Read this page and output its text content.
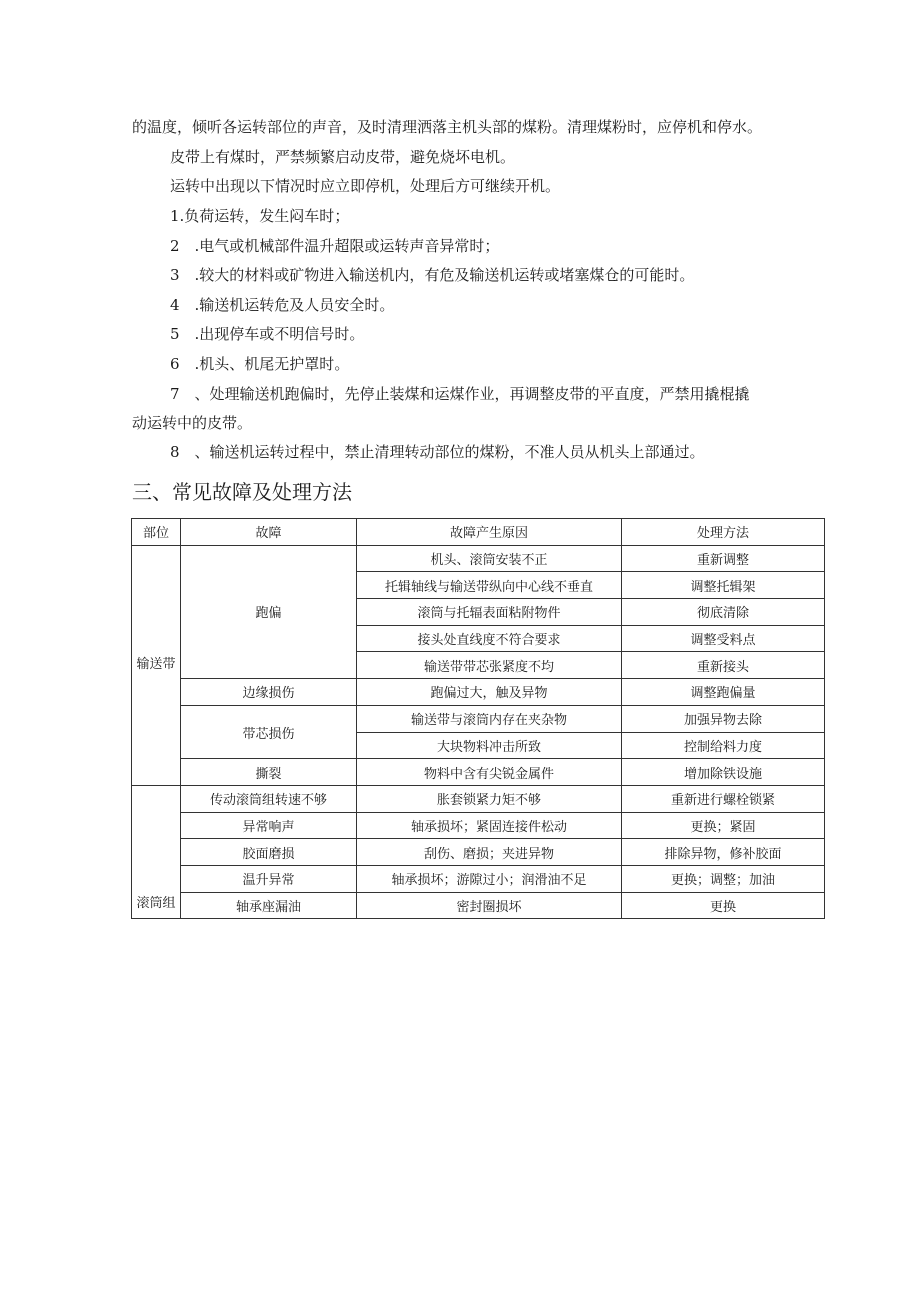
的温度，倾听各运转部位的声音，及时清理洒落主机头部的煤粉。清理煤粉时，应停机和停水。
皮带上有煤时，严禁频繁启动皮带，避免烧坏电机。
运转中出现以下情况时应立即停机，处理后方可继续开机。
1.负荷运转，发生闷车时；
2　.电气或机械部件温升超限或运转声音异常时；
3　.较大的材料或矿物进入输送机内，有危及输送机运转或堵塞煤仓的可能时。
4　.输送机运转危及人员安全时。
5　.出现停车或不明信号时。
6　.机头、机尾无护罩时。
7　、处理输送机跑偏时，先停止装煤和运煤作业，再调整皮带的平直度，严禁用撬棍撬
动运转中的皮带。
8　、输送机运转过程中，禁止清理转动部位的煤粉，不准人员从机头上部通过。
三、常见故障及处理方法
部位	故障	故障产生原因	处理方法
输送带	跑偏	机头、滚筒安装不正	重新调整
		托辑轴线与输送带纵向中心线不垂直	调整托辑架
		滚筒与托辐表面粘附物件	彻底清除
		接头处直线度不符合要求	调整受料点
		输送带带芯张紧度不均	重新接头
	边缘损伤	跑偏过大，触及异物	调整跑偏量
	带芯损伤	输送带与滚筒内存在夹杂物	加强异物去除
		大块物料冲击所致	控制给料力度
	撕裂	物料中含有尖锐金属件	增加除铁设施
滚筒组	传动滚筒组转速不够	胀套锁紧力矩不够	重新进行螺栓锁紧
	异常响声	轴承损坏；紧固连接件松动	更换；紧固
	胶面磨损	刮伤、磨损；夹进异物	排除异物，修补胶面
	温升异常	轴承损坏；游隙过小；润滑油不足	更换；调整；加油
	轴承座漏油	密封圈损坏	更换
